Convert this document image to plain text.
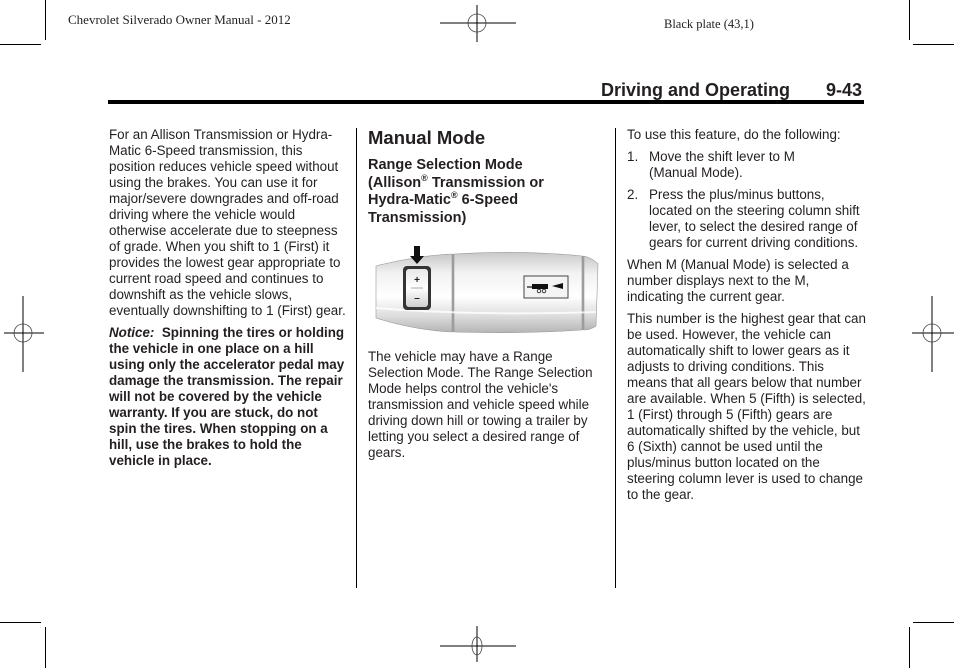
Chevrolet Silverado Owner Manual - 2012	Black plate (43,1)
Driving and Operating 9-43

For an Allison Transmission or Hydra-Matic 6-Speed transmission, this position reduces vehicle speed without using the brakes. You can use it for major/severe downgrades and off-road driving where the vehicle would otherwise accelerate due to steepness of grade. When you shift to 1 (First) it provides the lowest gear appropriate to current road speed and continues to downshift as the vehicle slows, eventually downshifting to 1 (First) gear.

Notice: Spinning the tires or holding the vehicle in one place on a hill using only the accelerator pedal may damage the transmission. The repair will not be covered by the vehicle warranty. If you are stuck, do not spin the tires. When stopping on a hill, use the brakes to hold the vehicle in place.

Manual Mode
Range Selection Mode
(Allison® Transmission or
Hydra-Matic® 6-Speed
Transmission)

The vehicle may have a Range Selection Mode. The Range Selection Mode helps control the vehicle's transmission and vehicle speed while driving down hill or towing a trailer by letting you select a desired range of gears.

+
–

To use this feature, do the following:

1. Move the shift lever to M (Manual Mode).
2. Press the plus/minus buttons, located on the steering column shift lever, to select the desired range of gears for current driving conditions.

When M (Manual Mode) is selected a number displays next to the M, indicating the current gear.

This number is the highest gear that can be used. However, the vehicle can automatically shift to lower gears as it adjusts to driving conditions. This means that all gears below that number are available. When 5 (Fifth) is selected, 1 (First) through 5 (Fifth) gears are automatically shifted by the vehicle, but 6 (Sixth) cannot be used until the plus/minus button located on the steering column lever is used to change to the gear.
